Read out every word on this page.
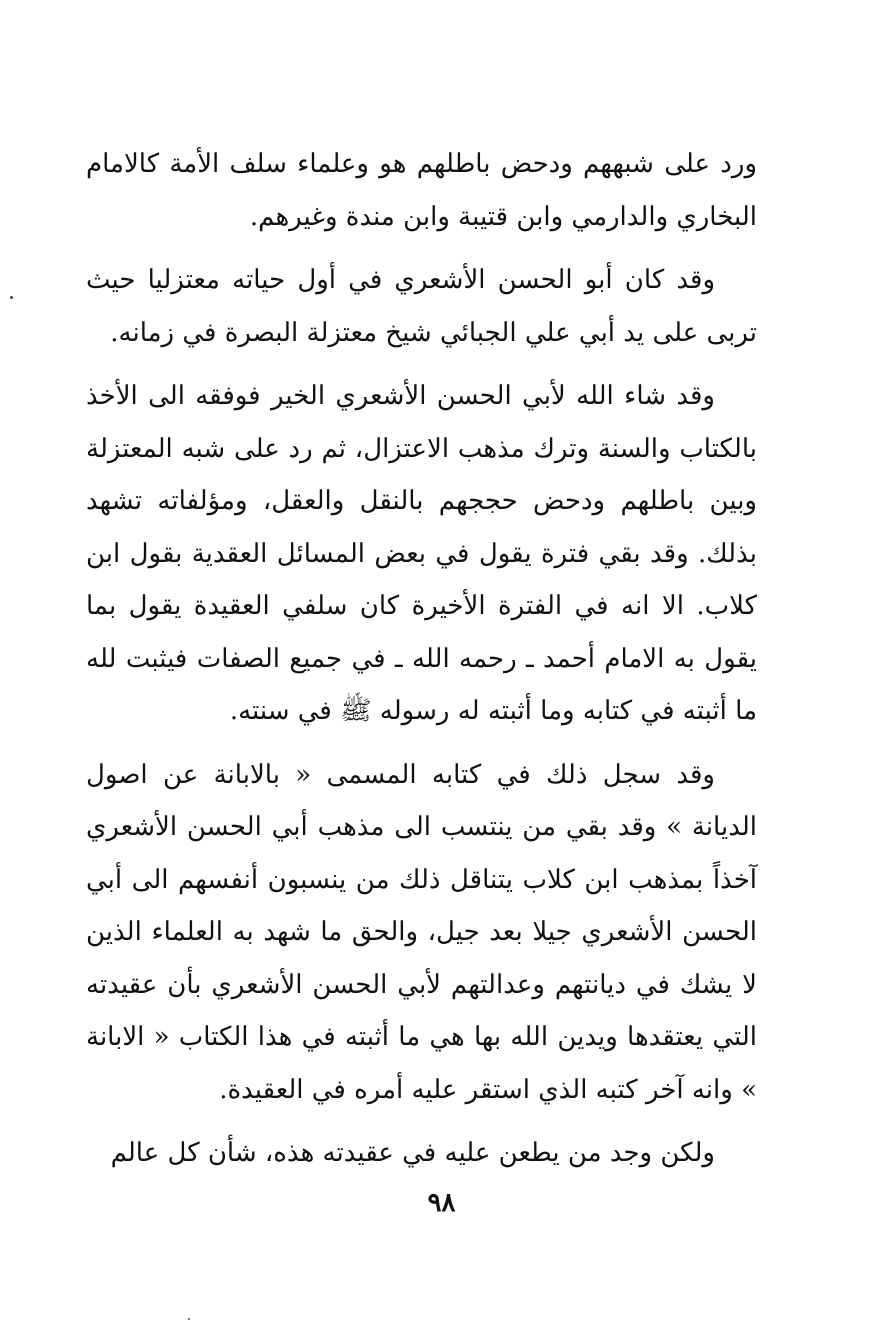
ورد على شبههم ودحض باطلهم هو وعلماء سلف الأمة كالامام البخاري والدارمي وابن قتيبة وابن مندة وغيرهم.

وقد كان أبو الحسن الأشعري في أول حياته معتزليا حيث تربى على يد أبي علي الجبائي شيخ معتزلة البصرة في زمانه.

وقد شاء الله لأبي الحسن الأشعري الخير فوفقه الى الأخذ بالكتاب والسنة وترك مذهب الاعتزال، ثم رد على شبه المعتزلة وبين باطلهم ودحض حججهم بالنقل والعقل، ومؤلفاته تشهد بذلك. وقد بقي فترة يقول في بعض المسائل العقدية بقول ابن كلاب. الا انه في الفترة الأخيرة كان سلفي العقيدة يقول بما يقول به الامام أحمد ـ رحمه الله ـ في جميع الصفات فيثبت لله ما أثبته في كتابه وما أثبته له رسوله ﷺ في سنته.

وقد سجل ذلك في كتابه المسمى « بالابانة عن اصول الديانة » وقد بقي من ينتسب الى مذهب أبي الحسن الأشعري آخذاً بمذهب ابن كلاب يتناقل ذلك من ينسبون أنفسهم الى أبي الحسن الأشعري جيلا بعد جيل، والحق ما شهد به العلماء الذين لا يشك في ديانتهم وعدالتهم لأبي الحسن الأشعري بأن عقيدته التي يعتقدها ويدين الله بها هي ما أثبته في هذا الكتاب « الابانة » وانه آخر كتبه الذي استقر عليه أمره في العقيدة.

ولكن وجد من يطعن عليه في عقيدته هذه، شأن كل عالم

٩٨
